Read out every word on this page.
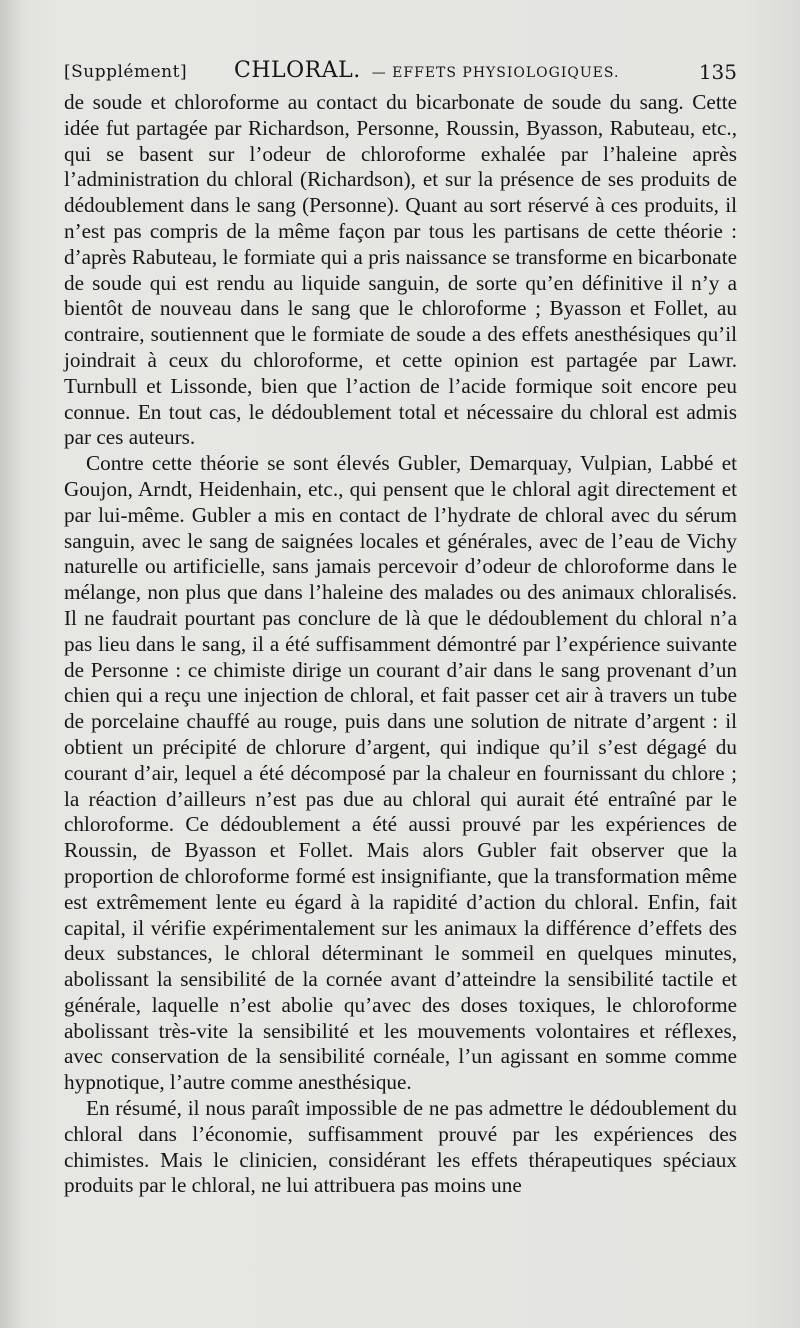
[Supplément] CHLORAL. — EFFETS PHYSIOLOGIQUES.	135

de soude et chloroforme au contact du bicarbonate de soude du sang. Cette idée fut partagée par Richardson, Personne, Roussin, Byasson, Rabuteau, etc., qui se basent sur l’odeur de chloroforme exhalée par l’haleine après l’administration du chloral (Richardson), et sur la présence de ses produits de dédoublement dans le sang (Personne). Quant au sort réservé à ces produits, il n’est pas compris de la même façon par tous les partisans de cette théorie : d’après Rabuteau, le formiate qui a pris naissance se transforme en bicarbonate de soude qui est rendu au liquide sanguin, de sorte qu’en définitive il n’y a bientôt de nouveau dans le sang que le chloroforme ; Byasson et Follet, au contraire, soutiennent que le formiate de soude a des effets anesthésiques qu’il joindrait à ceux du chloroforme, et cette opinion est partagée par Lawr. Turnbull et Lissonde, bien que l’action de l’acide formique soit encore peu connue. En tout cas, le dédoublement total et nécessaire du chloral est admis par ces auteurs.

Contre cette théorie se sont élevés Gubler, Demarquay, Vulpian, Labbé et Goujon, Arndt, Heidenhain, etc., qui pensent que le chloral agit directement et par lui-même. Gubler a mis en contact de l’hydrate de chloral avec du sérum sanguin, avec le sang de saignées locales et générales, avec de l’eau de Vichy naturelle ou artificielle, sans jamais percevoir d’odeur de chloroforme dans le mélange, non plus que dans l’haleine des malades ou des animaux chloralisés. Il ne faudrait pourtant pas conclure de là que le dédoublement du chloral n’a pas lieu dans le sang, il a été suffisamment démontré par l’expérience suivante de Personne : ce chimiste dirige un courant d’air dans le sang provenant d’un chien qui a reçu une injection de chloral, et fait passer cet air à travers un tube de porcelaine chauffé au rouge, puis dans une solution de nitrate d’argent : il obtient un précipité de chlorure d’argent, qui indique qu’il s’est dégagé du courant d’air, lequel a été décomposé par la chaleur en fournissant du chlore ; la réaction d’ailleurs n’est pas due au chloral qui aurait été entraîné par le chloroforme. Ce dédoublement a été aussi prouvé par les expériences de Roussin, de Byasson et Follet. Mais alors Gubler fait observer que la proportion de chloroforme formé est insignifiante, que la transformation même est extrêmement lente eu égard à la rapidité d’action du chloral. Enfin, fait capital, il vérifie expérimentalement sur les animaux la différence d’effets des deux substances, le chloral déterminant le sommeil en quelques minutes, abolissant la sensibilité de la cornée avant d’atteindre la sensibilité tactile et générale, laquelle n’est abolie qu’avec des doses toxiques, le chloroforme abolissant très-vite la sensibilité et les mouvements volontaires et réflexes, avec conservation de la sensibilité cornéale, l’un agissant en somme comme hypnotique, l’autre comme anesthésique.

En résumé, il nous paraît impossible de ne pas admettre le dédoublement du chloral dans l’économie, suffisamment prouvé par les expériences des chimistes. Mais le clinicien, considérant les effets thérapeutiques spéciaux produits par le chloral, ne lui attribuera pas moins une
